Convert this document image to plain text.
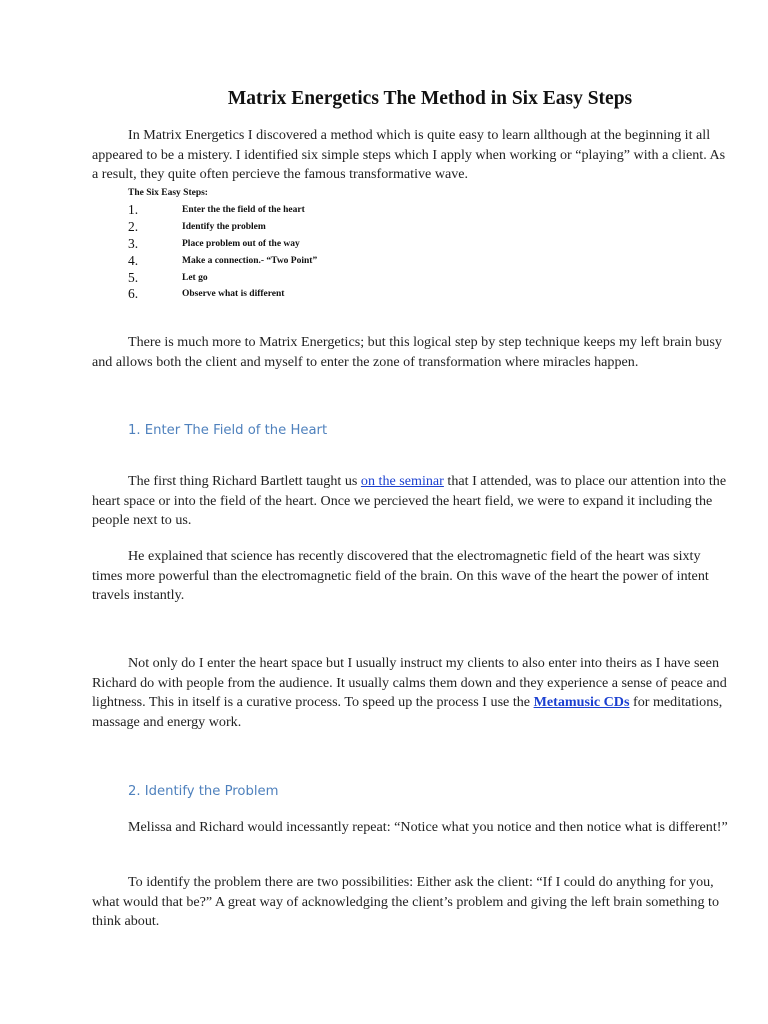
Matrix Energetics The Method in Six Easy Steps

In Matrix Energetics I discovered a method which is quite easy to learn allthough at the beginning it all appeared to be a mistery. I identified six simple steps which I apply when working or “playing” with a client. As a result, they quite often percieve the famous transformative wave.

The Six Easy Steps:
1.	Enter the the field of the heart
2.	Identify the problem
3.	Place problem out of the way
4.	Make a connection.- “Two Point”
5.	Let go
6.	Observe what is different

There is much more to Matrix Energetics; but this logical step by step technique keeps my left brain busy and allows both the client and myself to enter the zone of transformation where miracles happen.

1. Enter The Field of the Heart

The first thing Richard Bartlett taught us on the seminar that I attended, was to place our attention into the heart space or into the field of the heart. Once we percieved the heart field, we were to expand it including the people next to us.

He explained that science has recently discovered that the electromagnetic field of the heart was sixty times more powerful than the electromagnetic field of the brain. On this wave of the heart the power of intent travels instantly.

Not only do I enter the heart space but I usually instruct my clients to also enter into theirs as I have seen Richard do with people from the audience. It usually calms them down and they experience a sense of peace and lightness. This in itself is a curative process. To speed up the process I use the Metamusic CDs for meditations, massage and energy work.

2. Identify the Problem

Melissa and Richard would incessantly repeat: “Notice what you notice and then notice what is different!”

To identify the problem there are two possibilities: Either ask the client: “If I could do anything for you, what would that be?” A great way of acknowledging the client’s problem and giving the left brain something to think about.
